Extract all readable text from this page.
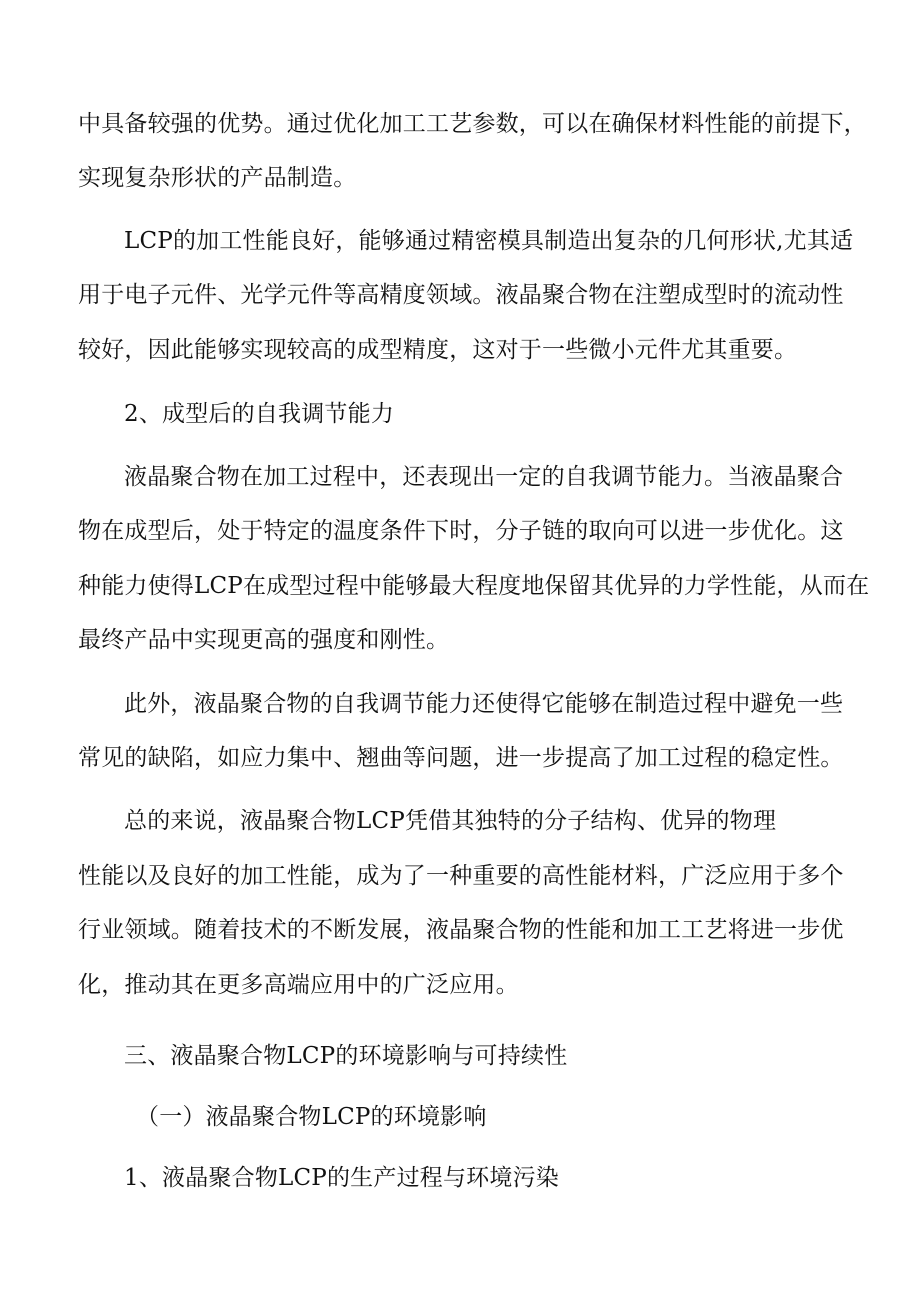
中具备较强的优势。通过优化加工工艺参数，可以在确保材料性能的前提下，
实现复杂形状的产品制造。
LCP的加工性能良好，能够通过精密模具制造出复杂的几何形状,尤其适
用于电子元件、光学元件等高精度领域。液晶聚合物在注塑成型时的流动性
较好，因此能够实现较高的成型精度，这对于一些微小元件尤其重要。
2、成型后的自我调节能力
液晶聚合物在加工过程中，还表现出一定的自我调节能力。当液晶聚合
物在成型后，处于特定的温度条件下时，分子链的取向可以进一步优化。这
种能力使得LCP在成型过程中能够最大程度地保留其优异的力学性能，从而在
最终产品中实现更高的强度和刚性。
此外，液晶聚合物的自我调节能力还使得它能够在制造过程中避免一些
常见的缺陷，如应力集中、翘曲等问题，进一步提高了加工过程的稳定性。
总的来说，液晶聚合物LCP凭借其独特的分子结构、优异的物理
性能以及良好的加工性能，成为了一种重要的高性能材料，广泛应用于多个
行业领域。随着技术的不断发展，液晶聚合物的性能和加工工艺将进一步优
化，推动其在更多高端应用中的广泛应用。
三、液晶聚合物LCP的环境影响与可持续性
（一）液晶聚合物LCP的环境影响
1、液晶聚合物LCP的生产过程与环境污染
